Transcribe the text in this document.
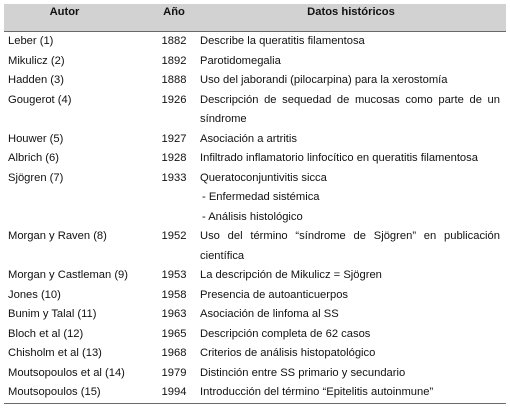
Autor	Año	Datos históricos
Leber (1)	1882	Describe la queratitis filamentosa

Mikulicz (2)	1892	Parotidomegalia

Hadden (3)	1888	Uso del jaborandi (pilocarpina) para la xerostomía

Gougerot (4)	1926	Descripción de sequedad de mucosas como parte de un síndrome

Houwer (5)	1927	Asociación a artritis

Albrich (6)	1928	Infiltrado inflamatorio linfocítico en queratitis filamentosa

Sjögren (7)	1933	Queratoconjuntivitis sicca
- Enfermedad sistémica
- Análisis histológico

Morgan y Raven (8)	1952	Uso del término “síndrome de Sjögren” en publicación científica

Morgan y Castleman (9)	1953	La descripción de Mikulicz = Sjögren

Jones (10)	1958	Presencia de autoanticuerpos

Bunim y Talal (11)	1963	Asociación de linfoma al SS

Bloch et al (12)	1965	Descripción completa de 62 casos

Chisholm et al (13)	1968	Criterios de análisis histopatológico

Moutsopoulos et al (14)	1979	Distinción entre SS primario y secundario

Moutsopoulos (15)	1994	Introducción del término “Epitelitis autoinmune”
